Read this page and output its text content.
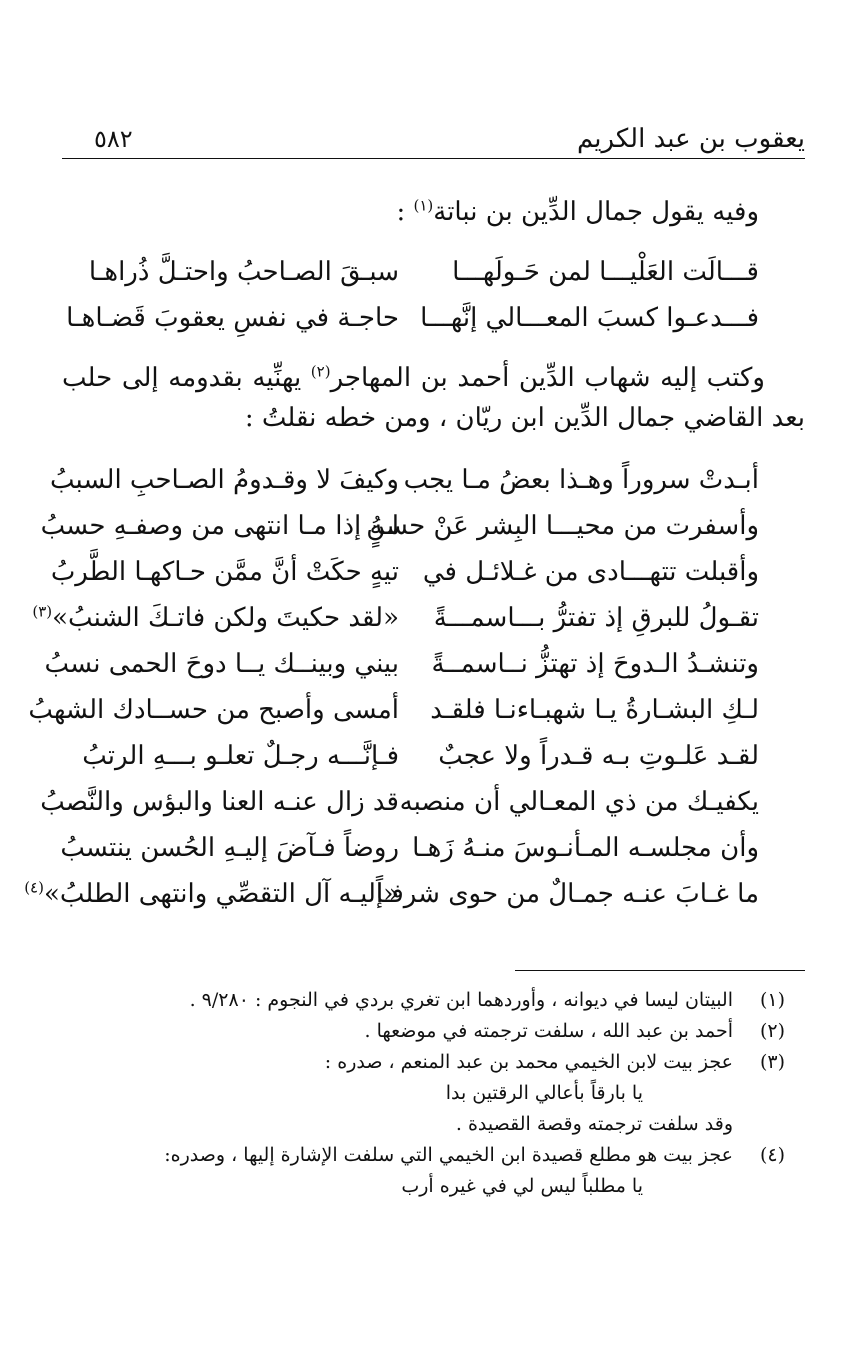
يعقوب بن عبد الكريم
٥٨٢
وفيه يقول جمال الدِّين بن نباتة$^{(١)}$ :
قـــالَت العَلْيـــا لمن حَـولَهـــا
سبـقَ الصـاحبُ واحتـلَّ ذُراهـا
فـــدعـوا كسبَ المعـــالي إنَّهـــا
حاجـة في نفسِ يعقوبَ قَضـاهـا
وكتب إليه شهاب الدِّين أحمد بن المهاجر$^{(٢)}$ يهنِّيه بقدومه إلى حلب بعد القاضي جمال الدِّين ابن ريّان ، ومن خطه نقلتُ :
أبـدتْ سروراً وهـذا بعضُ مـا يجب
وكيفَ لا وقـدومُ الصـاحبِ السببُ
وأسفرت من محيـــا البِشر عَنْ حسنٍ
لـهُ إذا مـا انتهى من وصفـهِ حسبُ
وأقبلت تتهـــادى من غـلائـل في
تيهٍ حكَتْ أنَّ ممَّن حـاكهـا الطَّربُ
تقـولُ للبرقِ إذ تفترُّ بـــاسمـــةً
«لقد حكيتَ ولكن فاتـكَ الشنبُ»$^{(٣)}$
وتنشـدُ الـدوحَ إذ تهتزُّ نــاسمــةً
بيني وبينــك يــا دوحَ الحمى نسبُ
لـكِ البشـارةُ يـا شهبـاءنـا فلقـد
أمسى وأصبح من حســادك الشهبُ
لقـد عَلـوتِ بـه قـدراً ولا عجبٌ
فـإنَّـــه رجـلٌ تعلـو بـــهِ الرتبُ
يكفيـك من ذي المعـالي أن منصبه
قد زال عنـه العنا والبؤس والنَّصبُ
وأن مجلسـه المـأنـوسَ منـهُ زَهـا
روضاً فـآضَ إليـهِ الحُسن ينتسبُ
ما غـابَ عنـه جمـالٌ من حوى شرفـاً
«إليـه آل التقصِّي وانتهى الطلبُ»$^{(٤)}$
(١)
البيتان ليسا في ديوانه ، وأوردهما ابن تغري بردي في النجوم : ٩/٢٨٠ .
(٢)
أحمد بن عبد الله ، سلفت ترجمته في موضعها .
(٣)
عجز بيت لابن الخيمي محمد بن عبد المنعم ، صدره :
يا بارقاً بأعالي الرقتين بدا
وقد سلفت ترجمته وقصة القصيدة .
(٤)
عجز بيت هو مطلع قصيدة ابن الخيمي التي سلفت الإشارة إليها ، وصدره:
يا مطلباً ليس لي في غيره أرب
